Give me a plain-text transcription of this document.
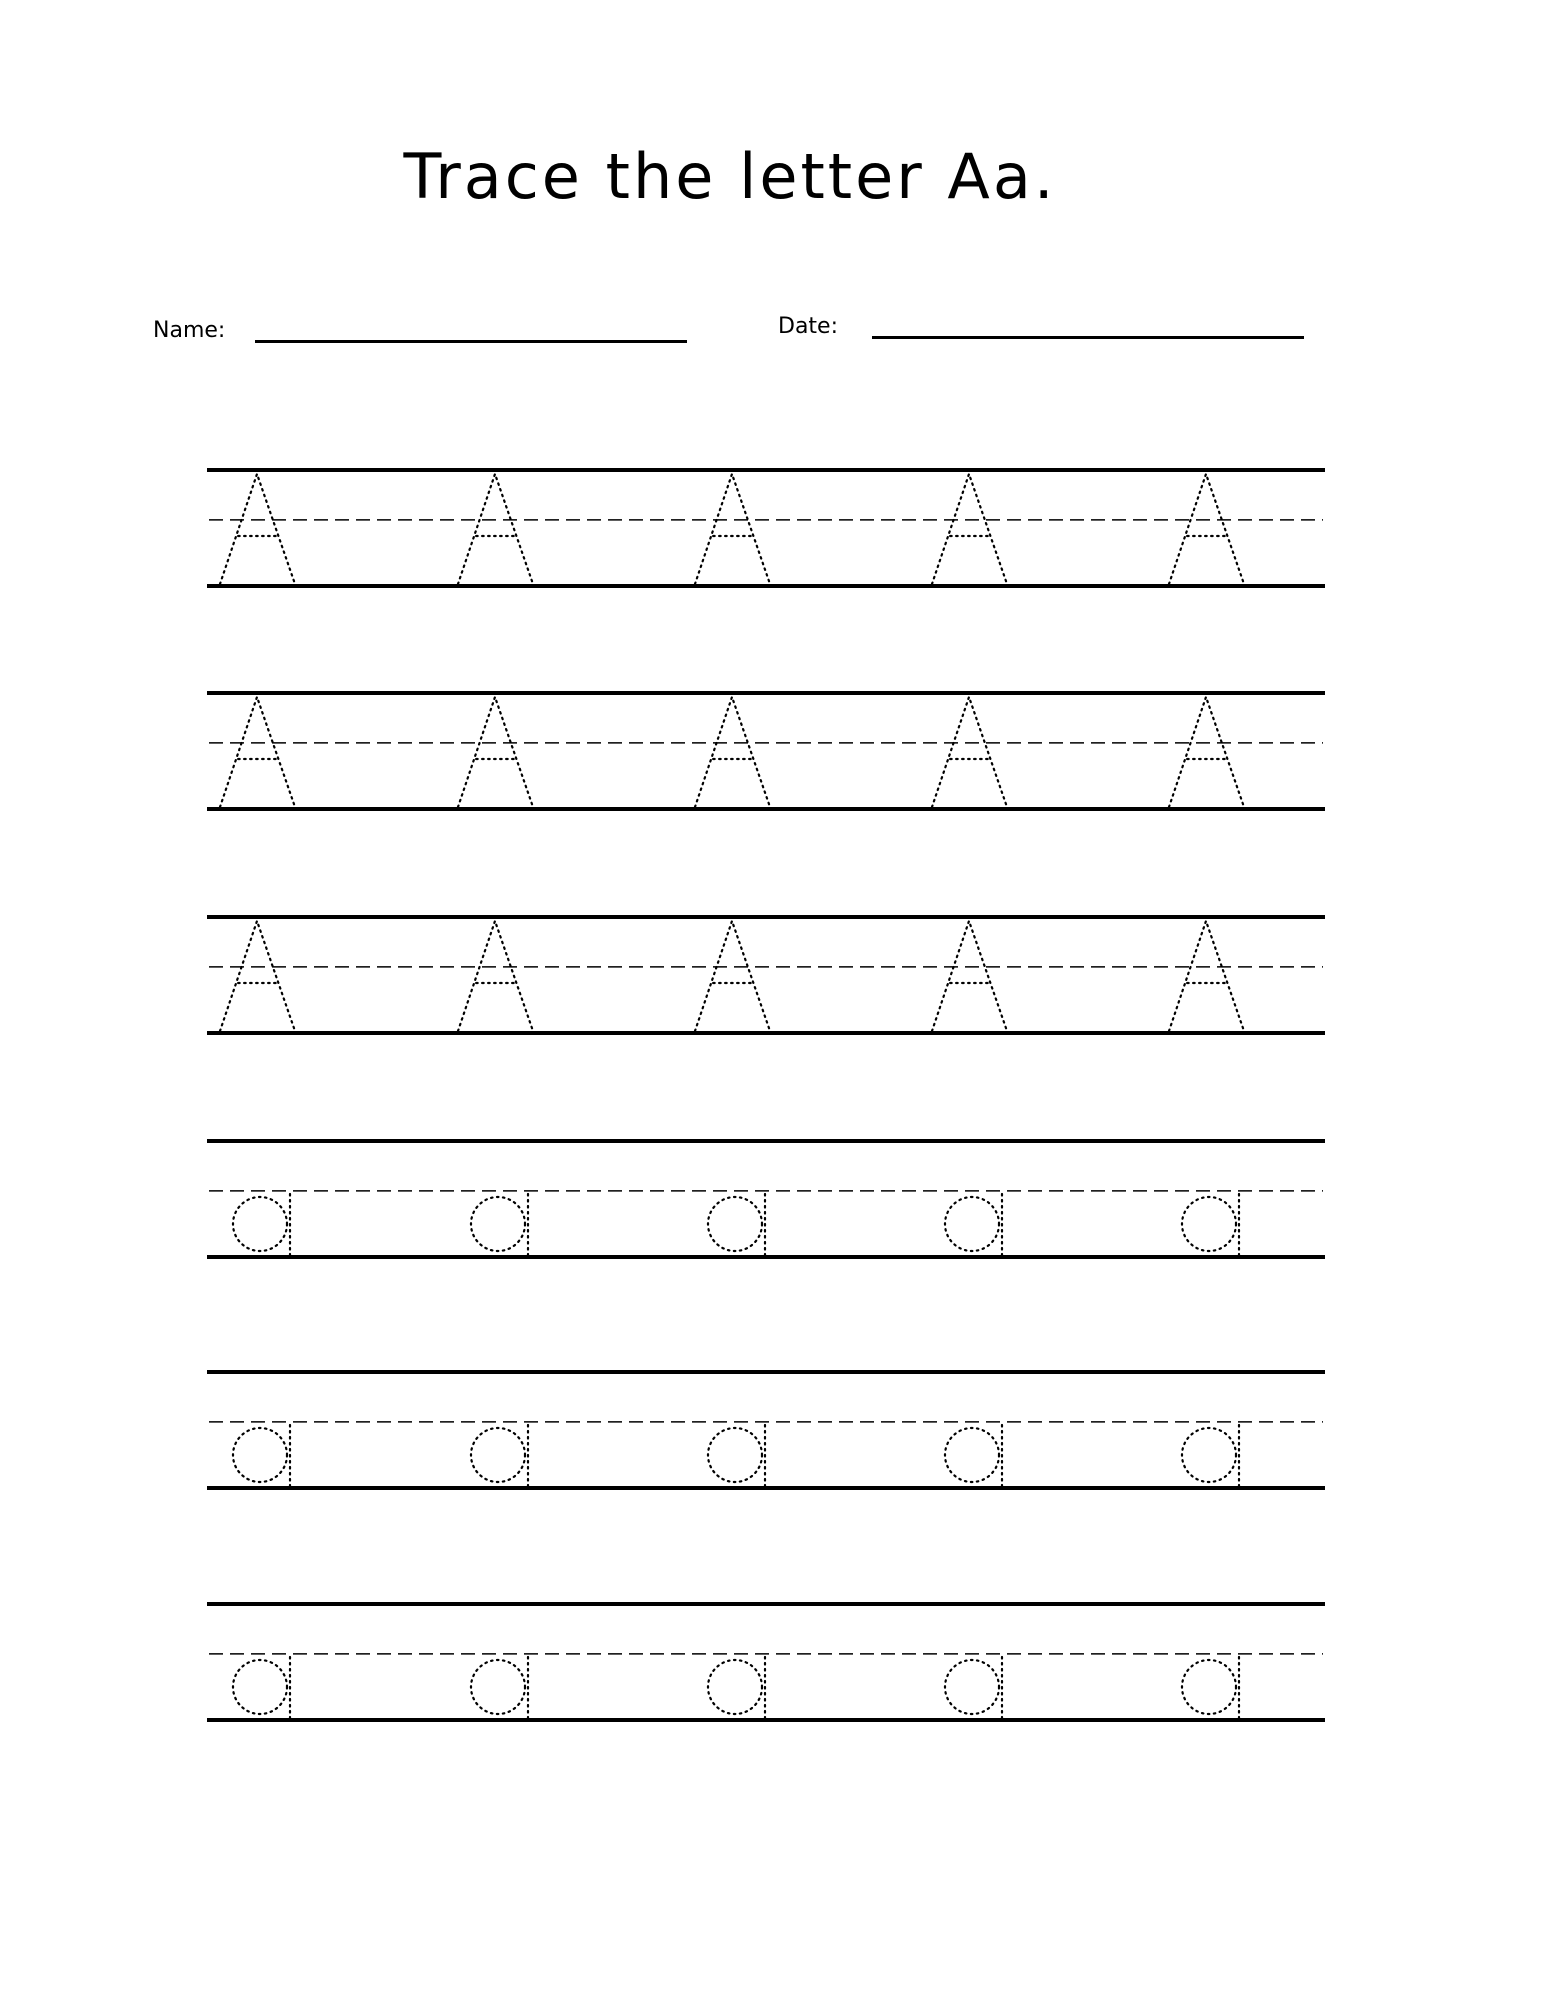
Trace the letter Aa.
Name:	Date:
